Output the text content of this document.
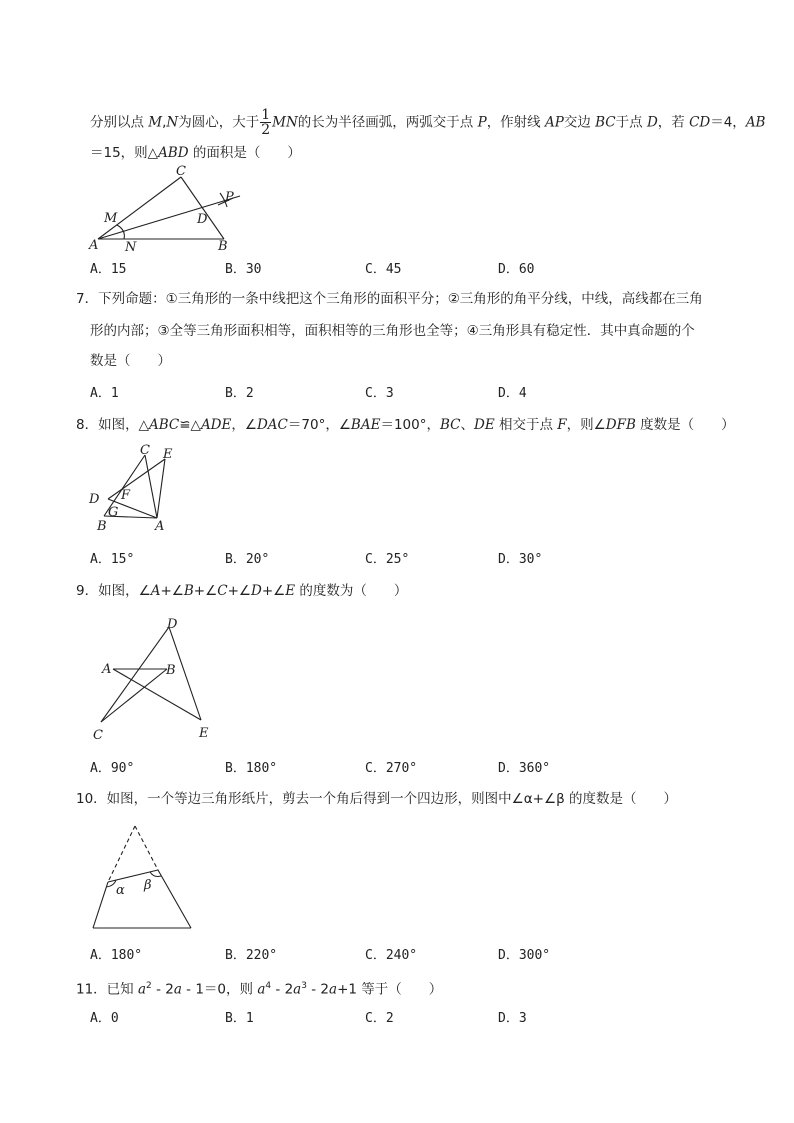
分别以点 M,N为圆心，大于 $\frac{1}{2}$ MN的长为半径画弧，两弧交于点 P，作射线 AP交边 BC于点 D，若 CD＝4，AB
＝15，则△ABD 的面积是（　　）
C
P
D
M
A N	B
A．15	B．30	C．45	D．60
7．下列命题：①三角形的一条中线把这个三角形的面积平分；②三角形的角平分线，中线，高线都在三角
形的内部；③全等三角形面积相等，面积相等的三角形也全等；④三角形具有稳定性．其中真命题的个
数是（　　）
A．1	B．2	C．3	D．4
8．如图，△ABC≌△ADE，∠DAC＝70°，∠BAE＝100°，BC、DE 相交于点 F，则∠DFB 度数是（　　）
C E
D F
G
B	A
A．15°	B．20°	C．25°	D．30°
9．如图，∠A+∠B+∠C+∠D+∠E 的度数为（　　）
D
A	B
C	E
A．90°	B．180°	C．270°	D．360°
10．如图，一个等边三角形纸片，剪去一个角后得到一个四边形，则图中∠α+∠β 的度数是（　　）
α β
A．180°	B．220°	C．240°	D．300°
11．已知 $a^2 - 2a - 1=0$，则 $a^4 - 2a^3 - 2a+1$ 等于（　　）
A．0	B．1	C．2	D．3
